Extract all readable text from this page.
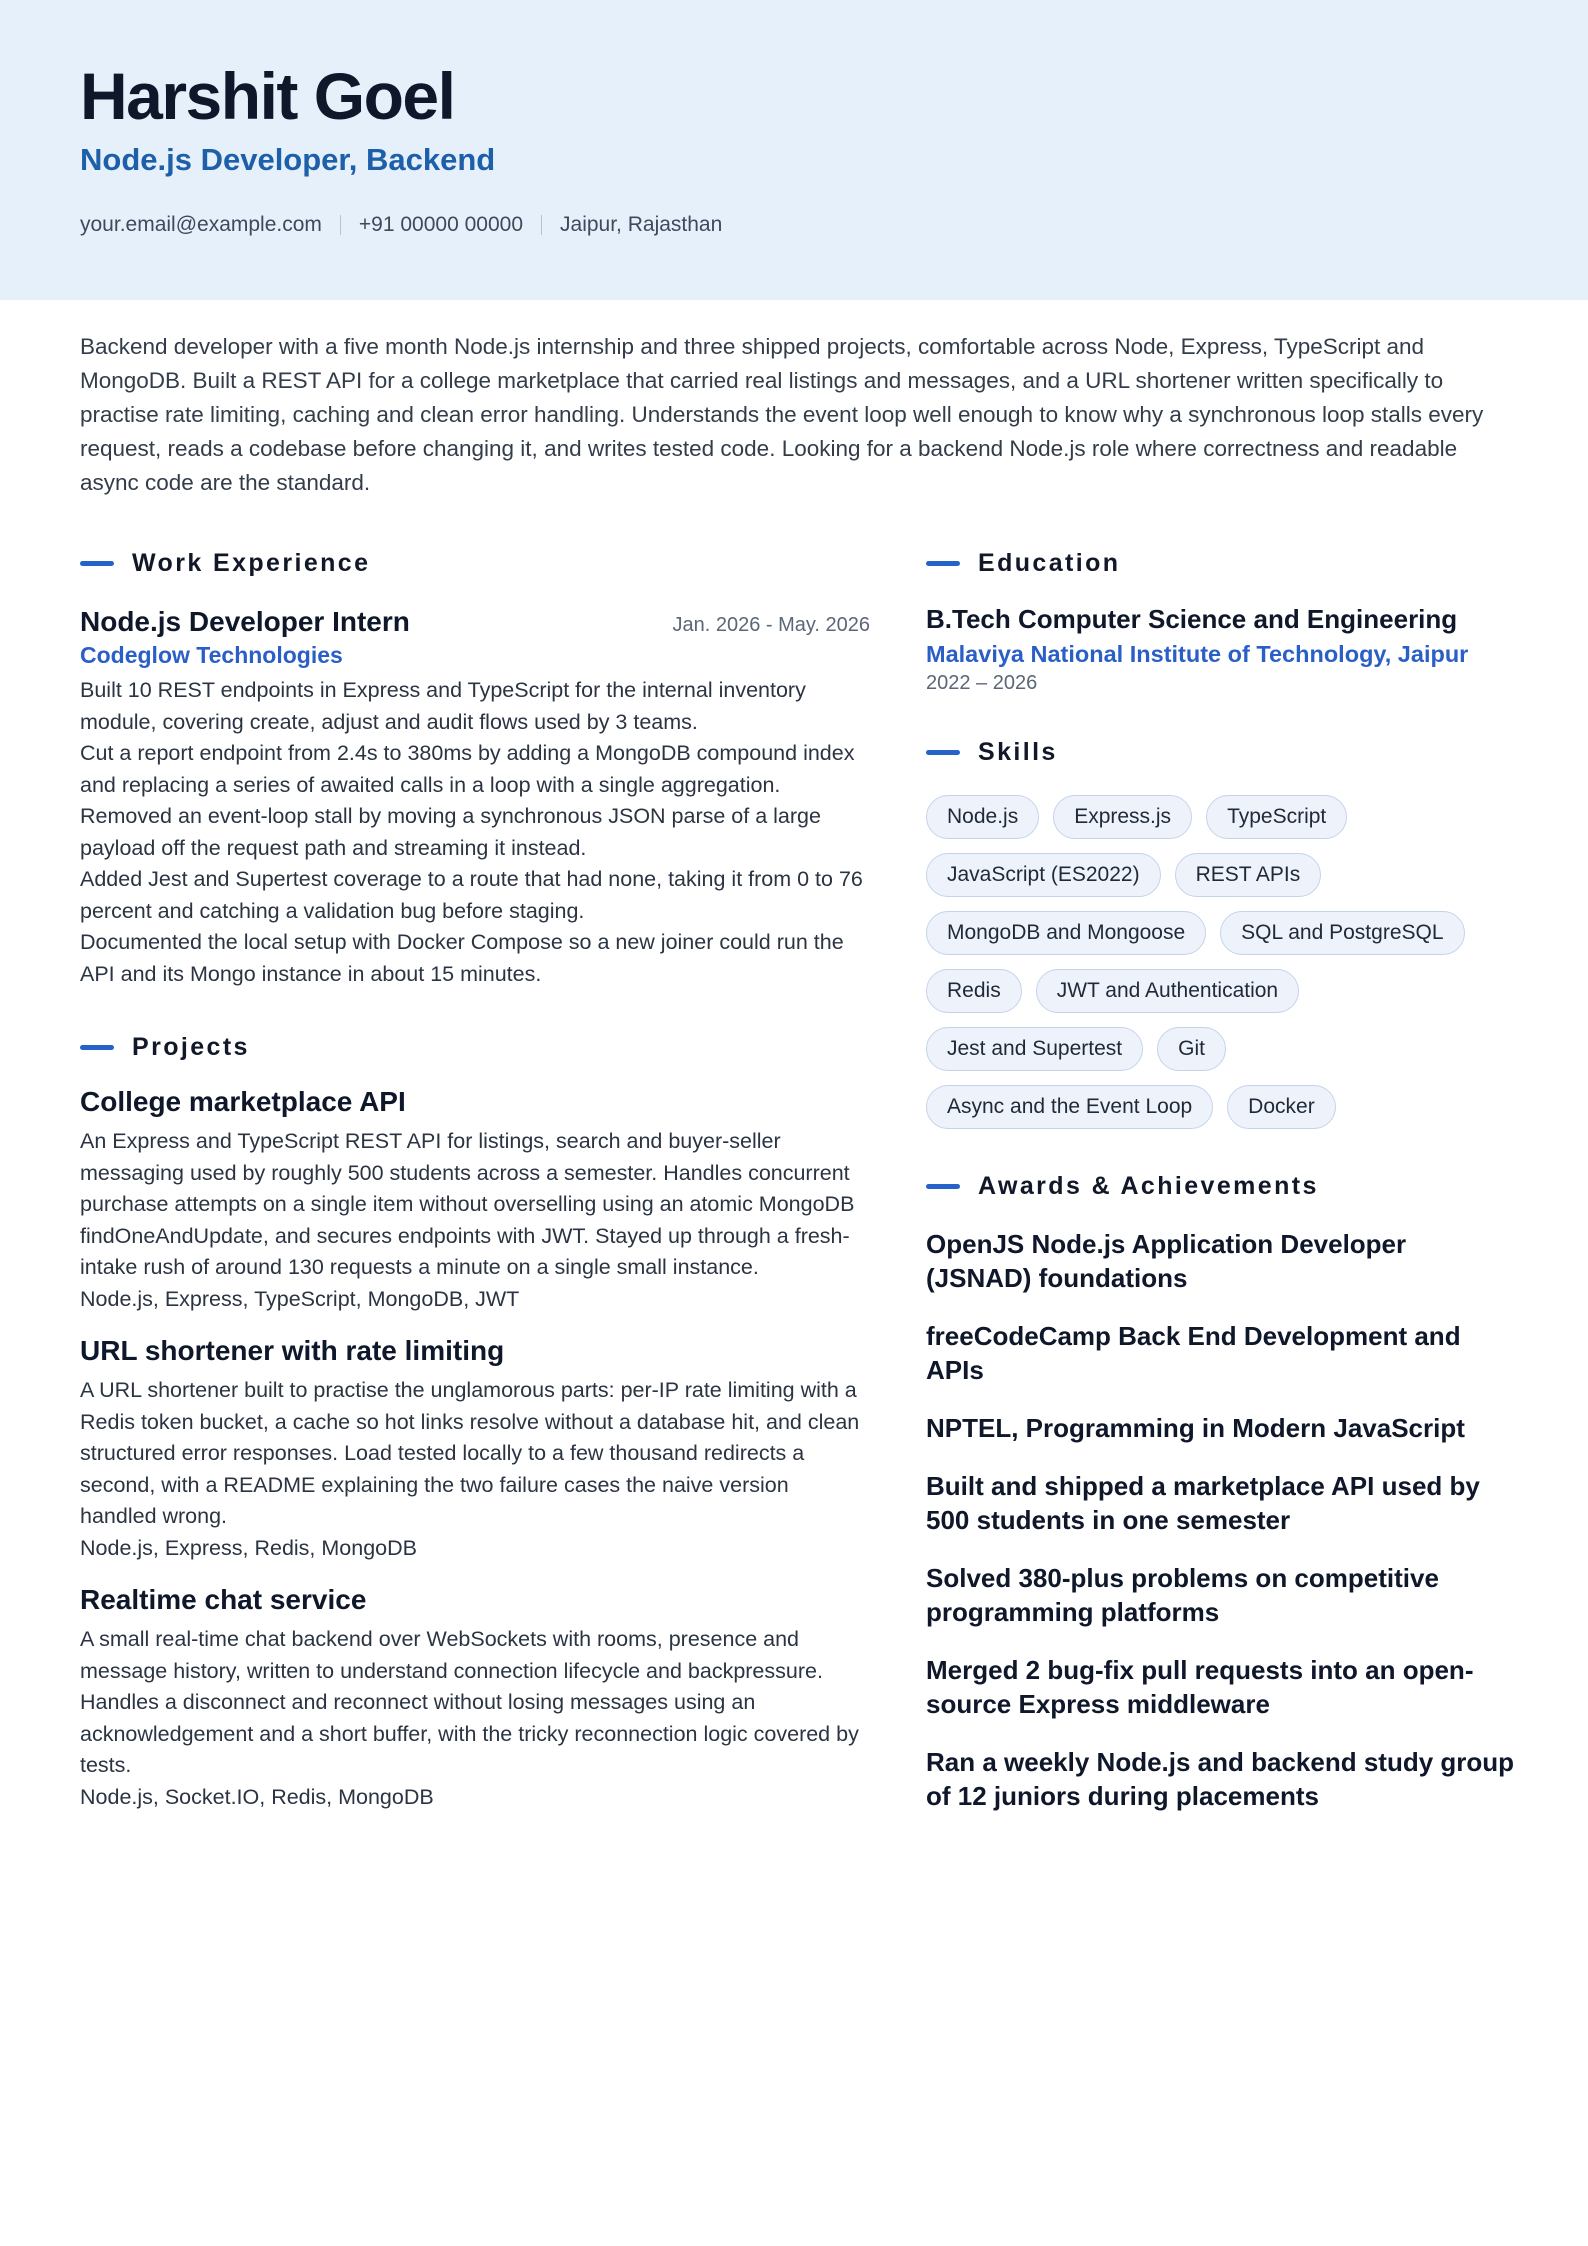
Harshit Goel
Node.js Developer, Backend
your.email@example.com +91 00000 00000 Jaipur, Rajasthan

Backend developer with a five month Node.js internship and three shipped projects, comfortable across Node, Express, TypeScript and MongoDB. Built a REST API for a college marketplace that carried real listings and messages, and a URL shortener written specifically to practise rate limiting, caching and clean error handling. Understands the event loop well enough to know why a synchronous loop stalls every request, reads a codebase before changing it, and writes tested code. Looking for a backend Node.js role where correctness and readable async code are the standard.

Work Experience
Node.js Developer Intern	Jan. 2026 - May. 2026
Codeglow Technologies
Built 10 REST endpoints in Express and TypeScript for the internal inventory module, covering create, adjust and audit flows used by 3 teams.
Cut a report endpoint from 2.4s to 380ms by adding a MongoDB compound index and replacing a series of awaited calls in a loop with a single aggregation.
Removed an event-loop stall by moving a synchronous JSON parse of a large payload off the request path and streaming it instead.
Added Jest and Supertest coverage to a route that had none, taking it from 0 to 76 percent and catching a validation bug before staging.
Documented the local setup with Docker Compose so a new joiner could run the API and its Mongo instance in about 15 minutes.
Projects
College marketplace API
An Express and TypeScript REST API for listings, search and buyer-seller messaging used by roughly 500 students across a semester. Handles concurrent purchase attempts on a single item without overselling using an atomic MongoDB findOneAndUpdate, and secures endpoints with JWT. Stayed up through a fresh-intake rush of around 130 requests a minute on a single small instance.
Node.js, Express, TypeScript, MongoDB, JWT
URL shortener with rate limiting
A URL shortener built to practise the unglamorous parts: per-IP rate limiting with a Redis token bucket, a cache so hot links resolve without a database hit, and clean structured error responses. Load tested locally to a few thousand redirects a second, with a README explaining the two failure cases the naive version handled wrong.
Node.js, Express, Redis, MongoDB
Realtime chat service
A small real-time chat backend over WebSockets with rooms, presence and message history, written to understand connection lifecycle and backpressure. Handles a disconnect and reconnect without losing messages using an acknowledgement and a short buffer, with the tricky reconnection logic covered by tests.
Node.js, Socket.IO, Redis, MongoDB
Education
B.Tech Computer Science and Engineering
Malaviya National Institute of Technology, Jaipur
2022 – 2026
Skills
Node.js	Express.js	TypeScript
JavaScript (ES2022)	REST APIs
MongoDB and Mongoose	SQL and PostgreSQL
Redis	JWT and Authentication
Jest and Supertest	Git
Async and the Event Loop	Docker
Awards & Achievements
OpenJS Node.js Application Developer (JSNAD) foundations
freeCodeCamp Back End Development and APIs
NPTEL, Programming in Modern JavaScript
Built and shipped a marketplace API used by 500 students in one semester
Solved 380-plus problems on competitive programming platforms
Merged 2 bug-fix pull requests into an open-source Express middleware
Ran a weekly Node.js and backend study group of 12 juniors during placements
